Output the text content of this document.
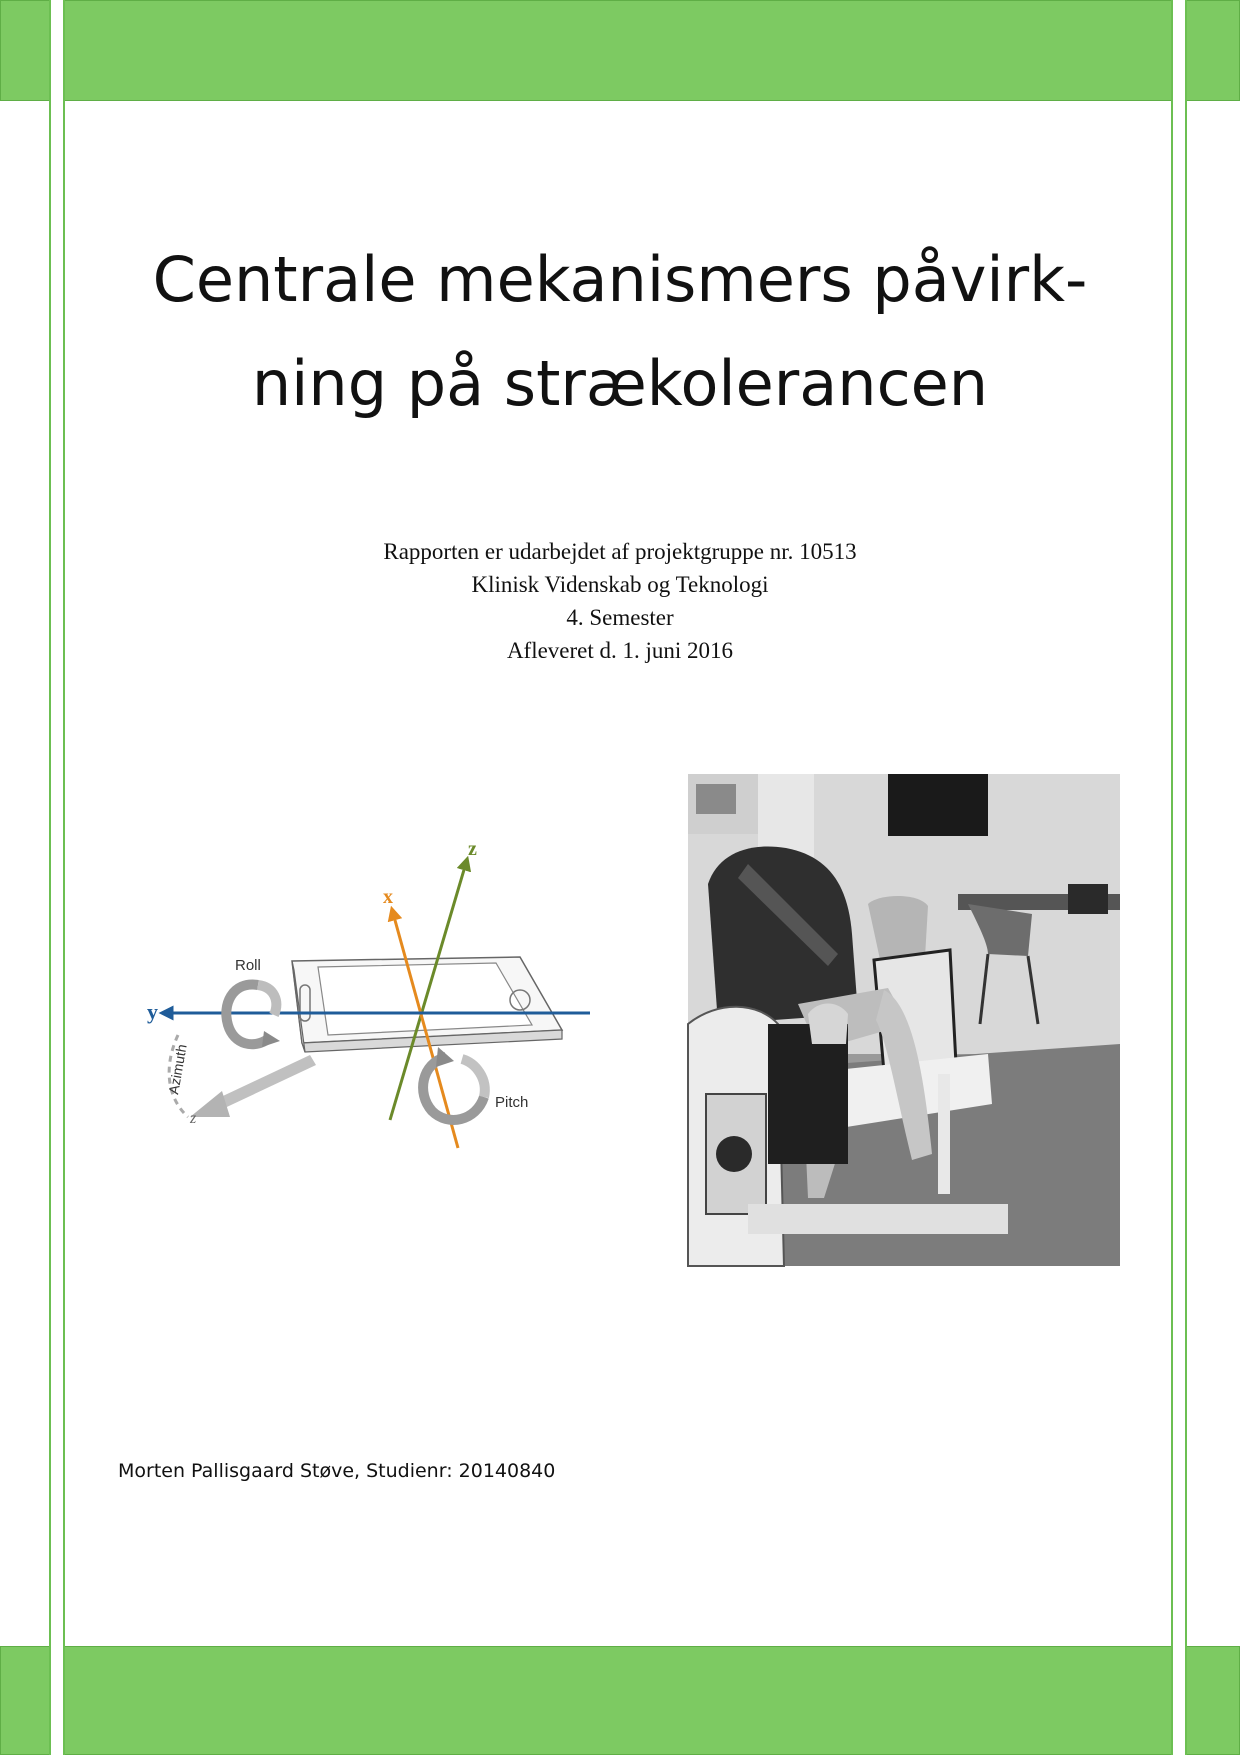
Centrale mekanismers påvirk-
ning på strækolerancen
Rapporten er udarbejdet af projektgruppe nr. 10513
Klinisk Videnskab og Teknologi
4. Semester
Afleveret d. 1. juni 2016
z
x
y
Roll
Azimuth
z
Pitch
Morten Pallisgaard Støve, Studienr: 20140840
